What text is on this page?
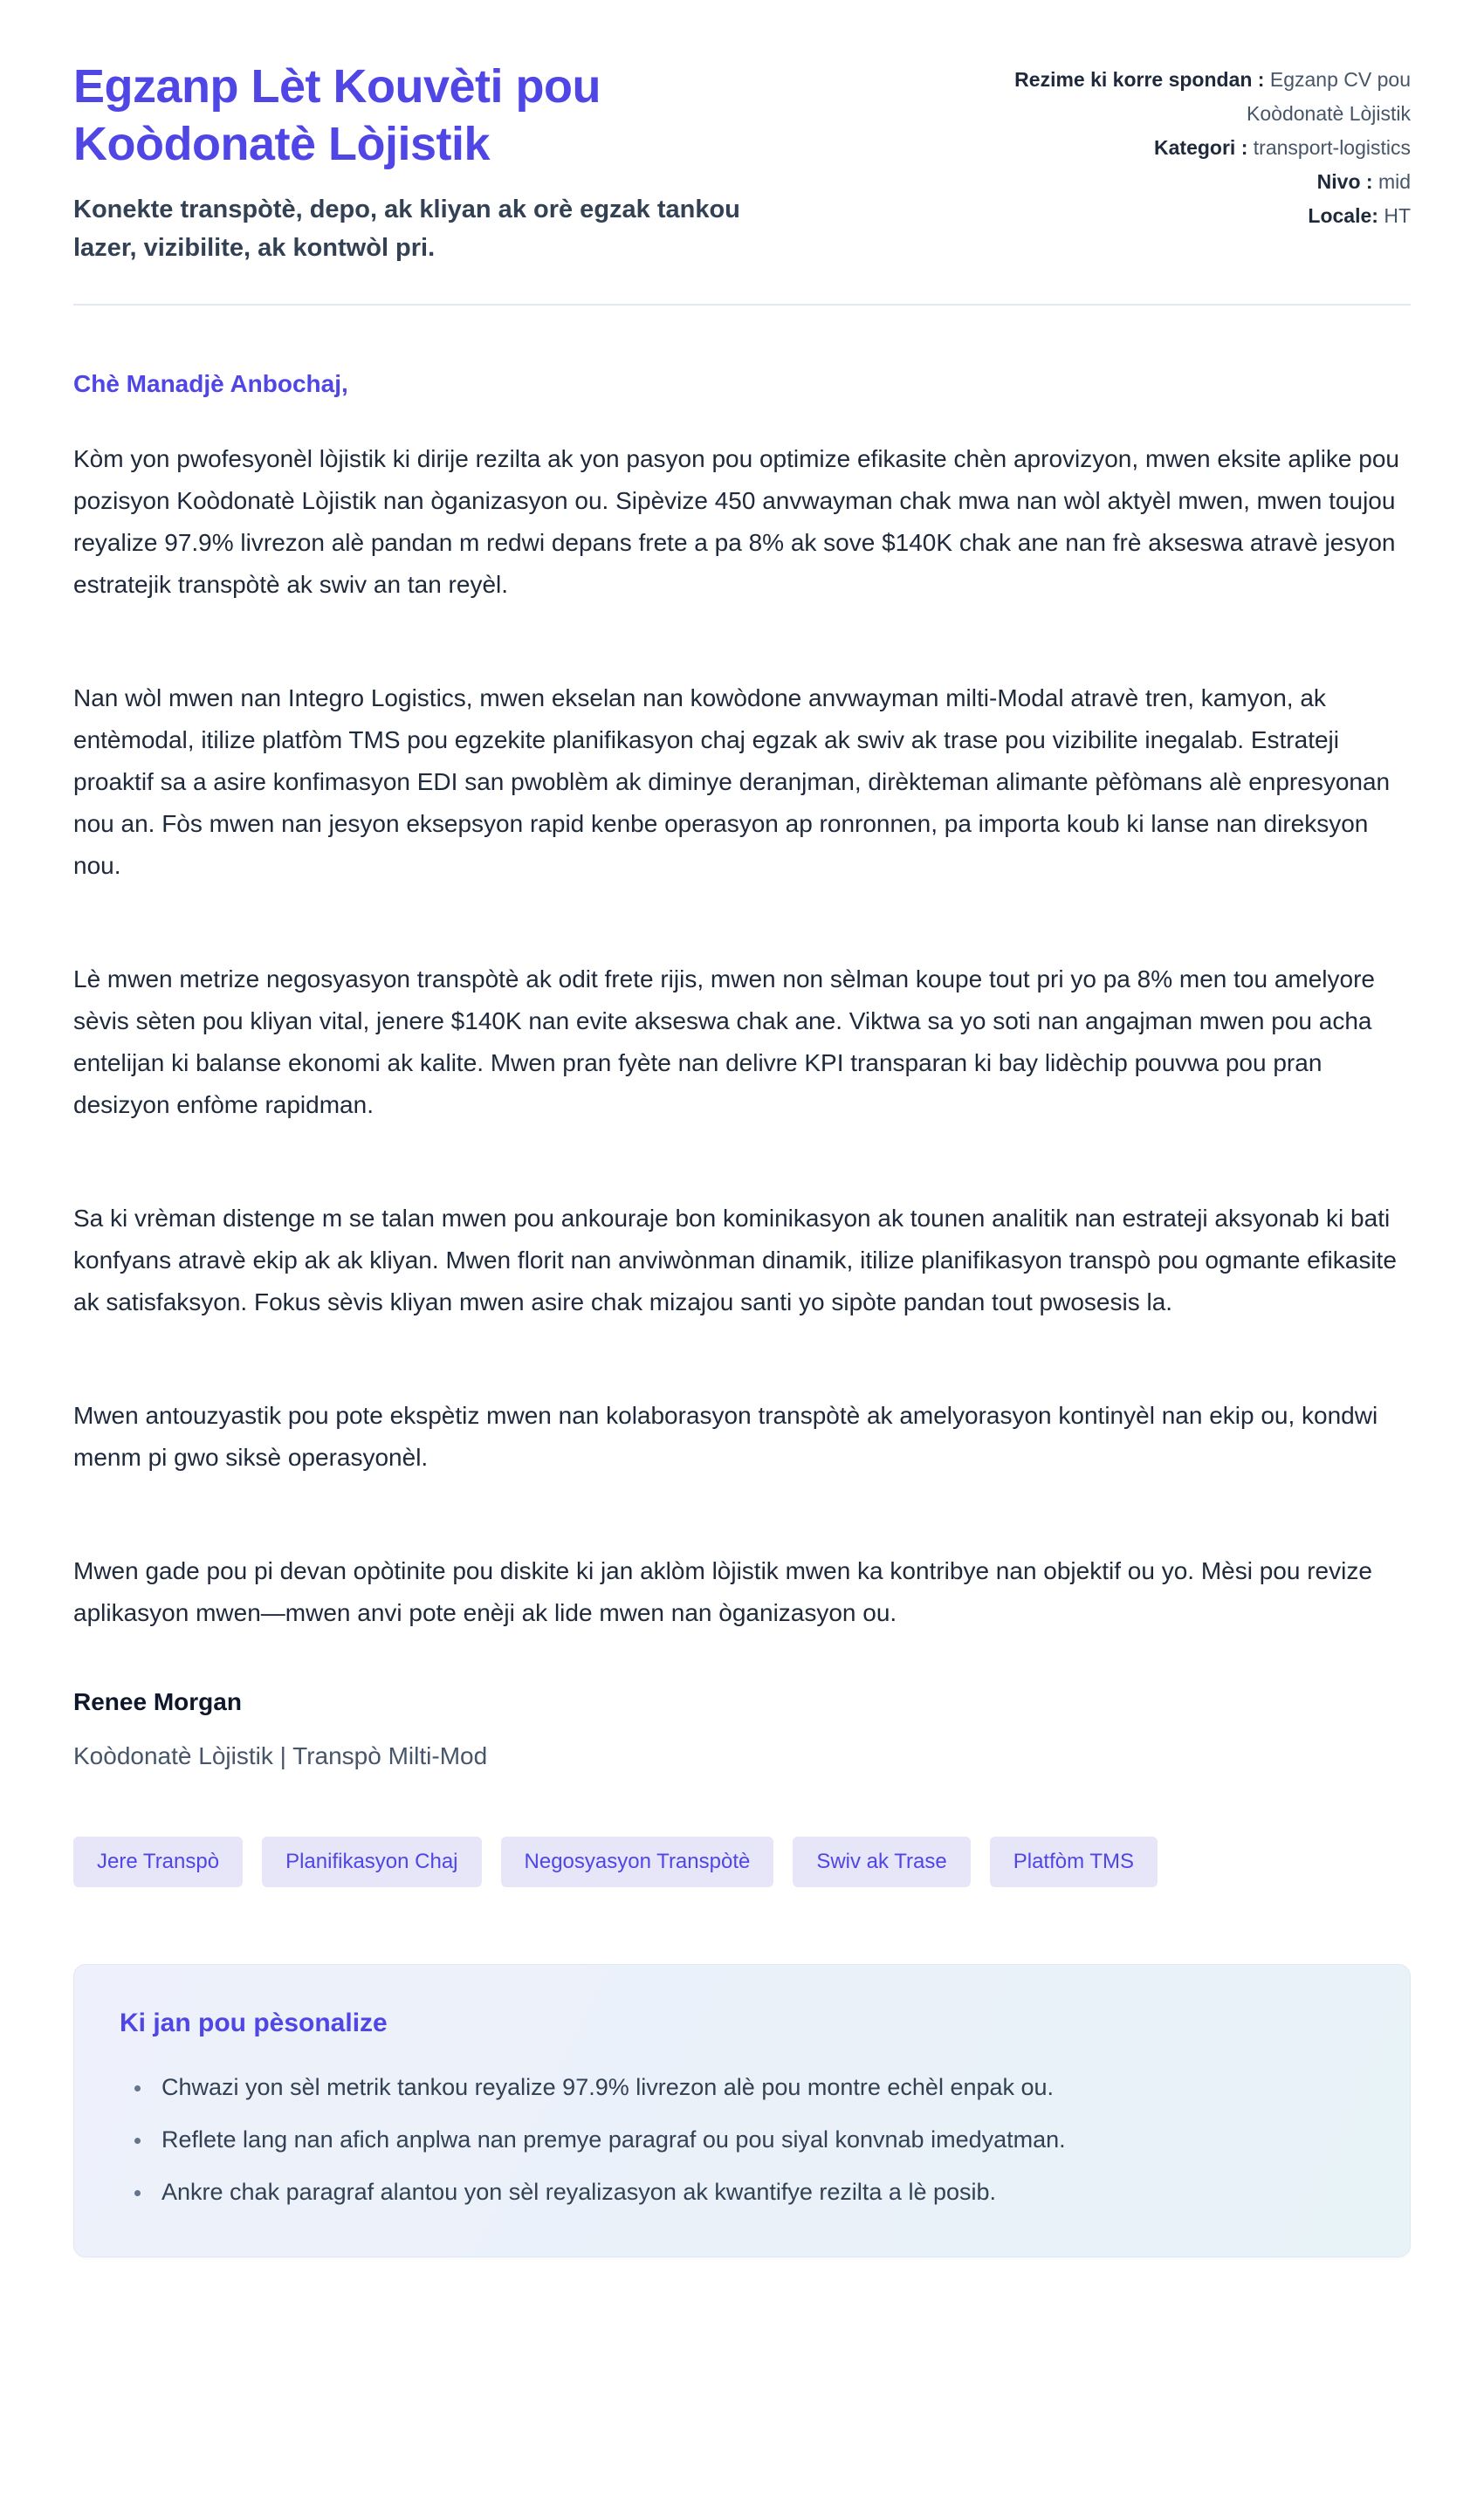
Egzanp Lèt Kouvèti pou Koòdonatè Lòjistik

Konekte transpòtè, depo, ak kliyan ak orè egzak tankou lazer, vizibilite, ak kontwòl pri.

Rezime ki korre spondan : Egzanp CV pou Koòdonatè Lòjistik
Kategori : transport-logistics
Nivo : mid
Locale: HT

Chè Manadjè Anbochaj,

Kòm yon pwofesyonèl lòjistik ki dirije rezilta ak yon pasyon pou optimize efikasite chèn aprovizyon, mwen eksite aplike pou pozisyon Koòdonatè Lòjistik nan òganizasyon ou. Sipèvize 450 anvwayman chak mwa nan wòl aktyèl mwen, mwen toujou reyalize 97.9% livrezon alè pandan m redwi depans frete a pa 8% ak sove $140K chak ane nan frè akseswa atravè jesyon estratejik transpòtè ak swiv an tan reyèl.

Nan wòl mwen nan Integro Logistics, mwen ekselan nan kowòdone anvwayman milti-Modal atravè tren, kamyon, ak entèmodal, itilize platfòm TMS pou egzekite planifikasyon chaj egzak ak swiv ak trase pou vizibilite inegalab. Estrateji proaktif sa a asire konfimasyon EDI san pwoblèm ak diminye deranjman, dirèkteman alimante pèfòmans alè enpresyonan nou an. Fòs mwen nan jesyon eksepsyon rapid kenbe operasyon ap ronronnen, pa importa koub ki lanse nan direksyon nou.

Lè mwen metrize negosyasyon transpòtè ak odit frete rijis, mwen non sèlman koupe tout pri yo pa 8% men tou amelyore sèvis sèten pou kliyan vital, jenere $140K nan evite akseswa chak ane. Viktwa sa yo soti nan angajman mwen pou acha entelijan ki balanse ekonomi ak kalite. Mwen pran fyète nan delivre KPI transparan ki bay lidèchip pouvwa pou pran desizyon enfòme rapidman.

Sa ki vrèman distenge m se talan mwen pou ankouraje bon kominikasyon ak tounen analitik nan estrateji aksyonab ki bati konfyans atravè ekip ak ak kliyan. Mwen florit nan anviwònman dinamik, itilize planifikasyon transpò pou ogmante efikasite ak satisfaksyon. Fokus sèvis kliyan mwen asire chak mizajou santi yo sipòte pandan tout pwosesis la.

Mwen antouzyastik pou pote ekspètiz mwen nan kolaborasyon transpòtè ak amelyorasyon kontinyèl nan ekip ou, kondwi menm pi gwo siksè operasyonèl.

Mwen gade pou pi devan opòtinite pou diskite ki jan aklòm lòjistik mwen ka kontribye nan objektif ou yo. Mèsi pou revize aplikasyon mwen—mwen anvi pote enèji ak lide mwen nan òganizasyon ou.

Renee Morgan

Koòdonatè Lòjistik | Transpò Milti-Mod

Jere Transpò	Planifikasyon Chaj	Negosyasyon Transpòtè	Swiv ak Trase	Platfòm TMS
Ki jan pou pèsonalize
• Chwazi yon sèl metrik tankou reyalize 97.9% livrezon alè pou montre echèl enpak ou.
• Reflete lang nan afich anplwa nan premye paragraf ou pou siyal konvnab imedyatman.
• Ankre chak paragraf alantou yon sèl reyalizasyon ak kwantifye rezilta a lè posib.
